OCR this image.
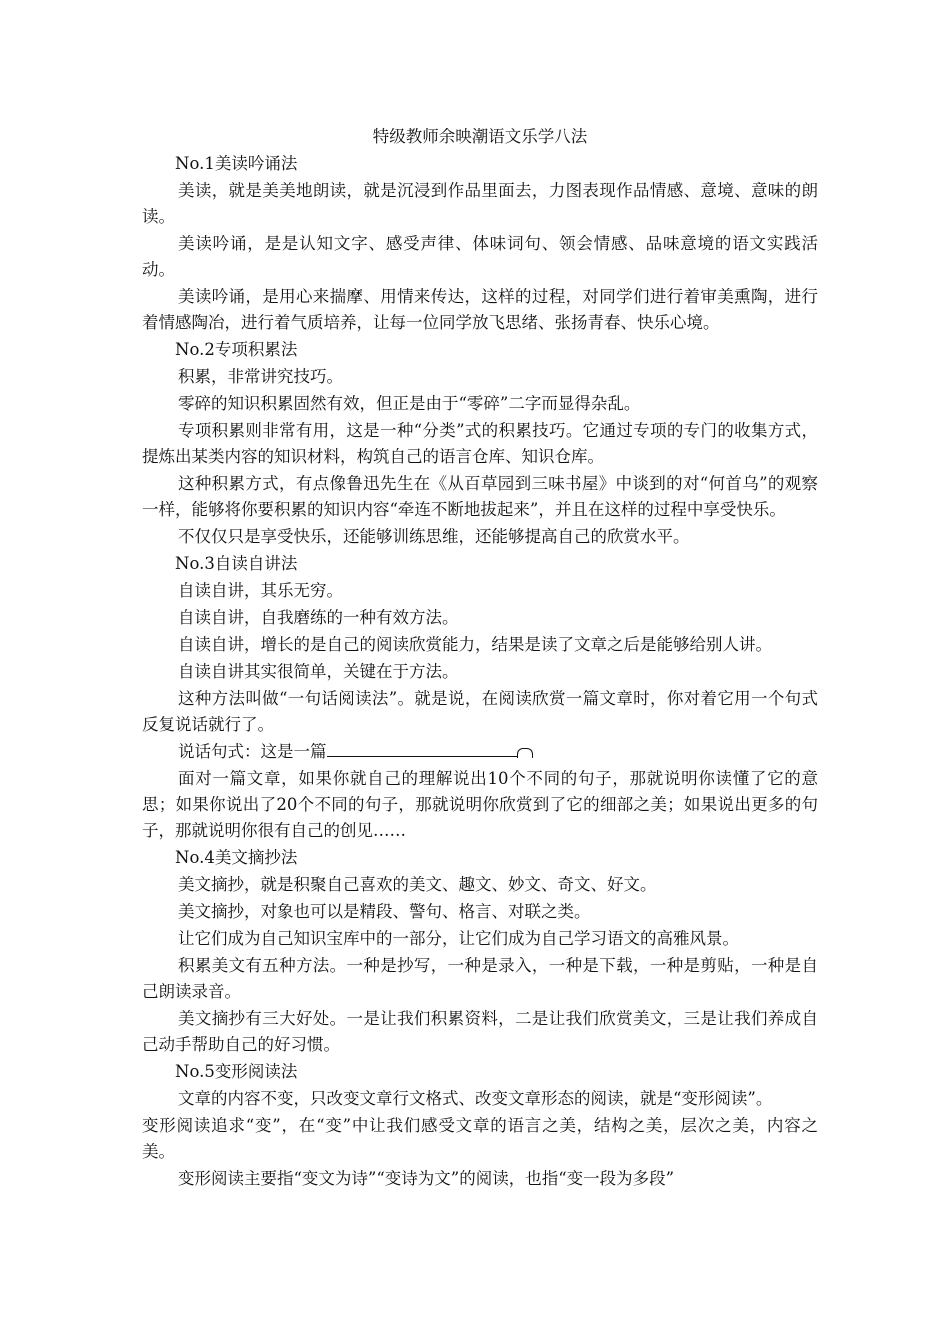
特级教师余映潮语文乐学八法
No.1美读吟诵法
美读，就是美美地朗读，就是沉浸到作品里面去，力图表现作品情感、意境、意味的朗读。
美读吟诵，是是认知文字、感受声律、体味词句、领会情感、品味意境的语文实践活动。
美读吟诵，是用心来揣摩、用情来传达，这样的过程，对同学们进行着审美熏陶，进行着情感陶冶，进行着气质培养，让每一位同学放飞思绪、张扬青春、快乐心境。
No.2专项积累法
积累，非常讲究技巧。
零碎的知识积累固然有效，但正是由于“零碎”二字而显得杂乱。
专项积累则非常有用，这是一种“分类”式的积累技巧。它通过专项的专门的收集方式，提炼出某类内容的知识材料，构筑自己的语言仓库、知识仓库。
这种积累方式，有点像鲁迅先生在《从百草园到三味书屋》中谈到的对“何首乌”的观察一样，能够将你要积累的知识内容“牵连不断地拔起来”，并且在这样的过程中享受快乐。
不仅仅只是享受快乐，还能够训练思维，还能够提高自己的欣赏水平。
No.3自读自讲法
自读自讲，其乐无穷。
自读自讲，自我磨练的一种有效方法。
自读自讲，增长的是自己的阅读欣赏能力，结果是读了文章之后是能够给别人讲。
自读自讲其实很简单，关键在于方法。
这种方法叫做“一句话阅读法”。就是说，在阅读欣赏一篇文章时，你对着它用一个句式反复说话就行了。
说话句式：这是一篇
面对一篇文章，如果你就自己的理解说出10个不同的句子，那就说明你读懂了它的意思；如果你说出了20个不同的句子，那就说明你欣赏到了它的细部之美；如果说出更多的句子，那就说明你很有自己的创见……
No.4美文摘抄法
美文摘抄，就是积聚自己喜欢的美文、趣文、妙文、奇文、好文。
美文摘抄，对象也可以是精段、警句、格言、对联之类。
让它们成为自己知识宝库中的一部分，让它们成为自己学习语文的高雅风景。
积累美文有五种方法。一种是抄写，一种是录入，一种是下载，一种是剪贴，一种是自己朗读录音。
美文摘抄有三大好处。一是让我们积累资料，二是让我们欣赏美文，三是让我们养成自己动手帮助自己的好习惯。
No.5变形阅读法
文章的内容不变，只改变文章行文格式、改变文章形态的阅读，就是“变形阅读”。
变形阅读追求“变”，在“变”中让我们感受文章的语言之美，结构之美，层次之美，内容之美。
变形阅读主要指“变文为诗”“变诗为文”的阅读，也指“变一段为多段”
